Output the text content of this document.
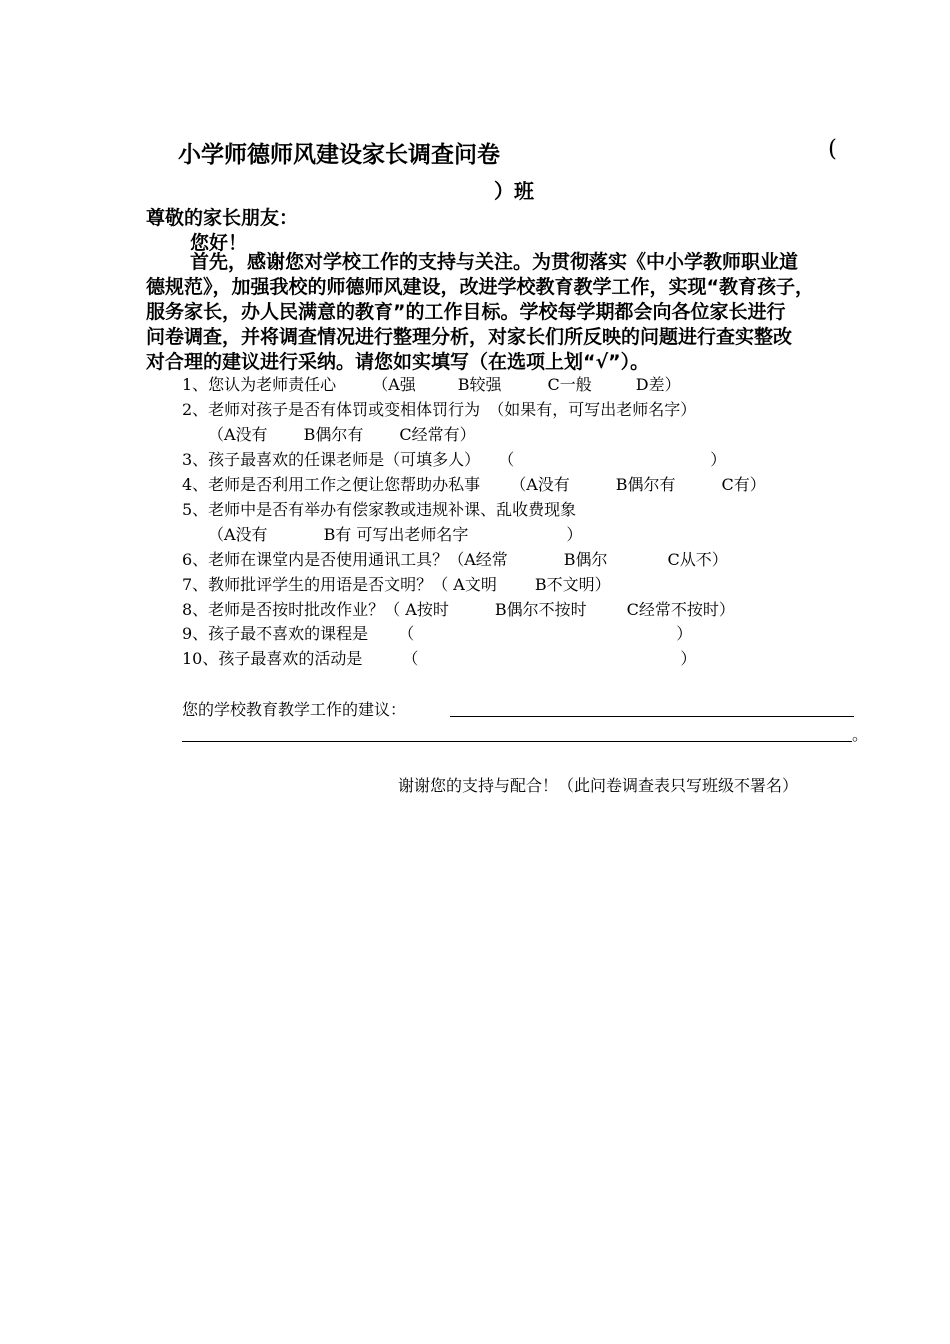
小学师德师风建设家长调查问卷	(
）班
尊敬的家长朋友：
您好！
首先，感谢您对学校工作的支持与关注。为贯彻落实《中小学教师职业道
德规范》，加强我校的师德师风建设，改进学校教育教学工作，实现“教育孩子，
服务家长，办人民满意的教育”的工作目标。学校每学期都会向各位家长进行
问卷调查，并将调查情况进行整理分析，对家长们所反映的问题进行查实整改
对合理的建议进行采纳。请您如实填写（在选项上划“√”）。
1、您认为老师责任心 （A强	B较强	C一般	D差）
2、老师对孩子是否有体罚或变相体罚行为 （如果有，可写出老师名字）
（A没有 B偶尔有 C经常有）
3、孩子最喜欢的任课老师是（可填多人） （	）
4、老师是否利用工作之便让您帮助办私事 （A没有	B偶尔有	C有）
5、老师中是否有举办有偿家教或违规补课、乱收费现象
（A没有	B有 可写出老师名字	）
6、老师在课堂内是否使用通讯工具？（A经常	B偶尔	C从不）
7、教师批评学生的用语是否文明？（ A文明 B不文明）
8、老师是否按时批改作业？（ A按时	B偶尔不按时	C经常不按时）
9、孩子最不喜欢的课程是 （	）
10、孩子最喜欢的活动是	（	）
您的学校教育教学工作的建议：
。
谢谢您的支持与配合！（此问卷调查表只写班级不署名）
